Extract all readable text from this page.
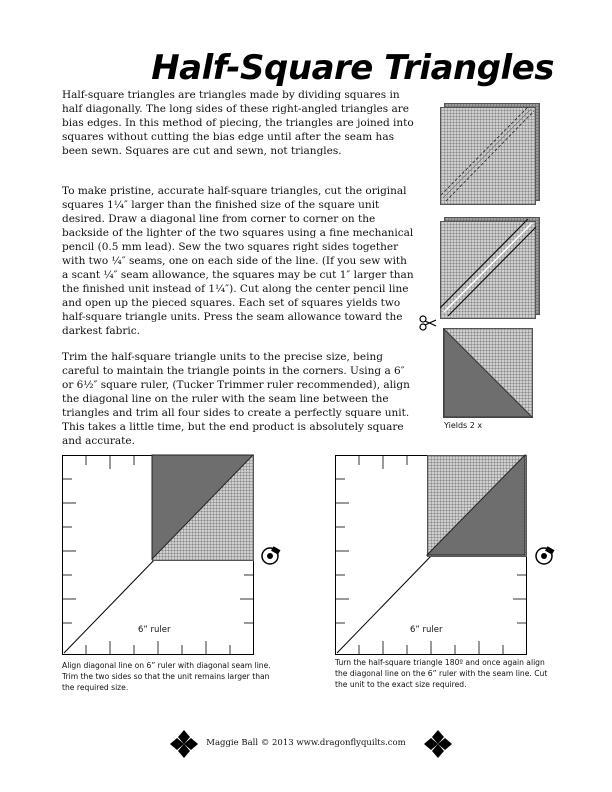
Half-Square Triangles

Half-square triangles are triangles made by dividing squares in half diagonally. The long sides of these right-angled triangles are bias edges. In this method of piecing, the triangles are joined into squares without cutting the bias edge until after the seam has been sewn. Squares are cut and sewn, not triangles.

To make pristine, accurate half-square triangles, cut the original squares 1¼″ larger than the finished size of the square unit desired. Draw a diagonal line from corner to corner on the backside of the lighter of the two squares using a fine mechanical pencil (0.5 mm lead). Sew the two squares right sides together with two ¼″ seams, one on each side of the line. (If you sew with a scant ¼″ seam allowance, the squares may be cut 1″ larger than the finished unit instead of 1¼″). Cut along the center pencil line and open up the pieced squares. Each set of squares yields two half-square triangle units. Press the seam allowance toward the darkest fabric.

Trim the half-square triangle units to the precise size, being careful to maintain the triangle points in the corners. Using a 6″ or 6½″ square ruler, (Tucker Trimmer ruler recommended), align the diagonal line on the ruler with the seam line between the triangles and trim all four sides to create a perfectly square unit. This takes a little time, but the end product is absolutely square and accurate.

Yields 2 x
6” ruler

Align diagonal line on 6” ruler with diagonal seam line. Trim the two sides so that the unit remains larger than the required size.

6” ruler

Turn the half-square triangle 180º and once again align the diagonal line on the 6” ruler with the seam line. Cut the unit to the exact size required.

Maggie Ball © 2013 www.dragonflyquilts.com
